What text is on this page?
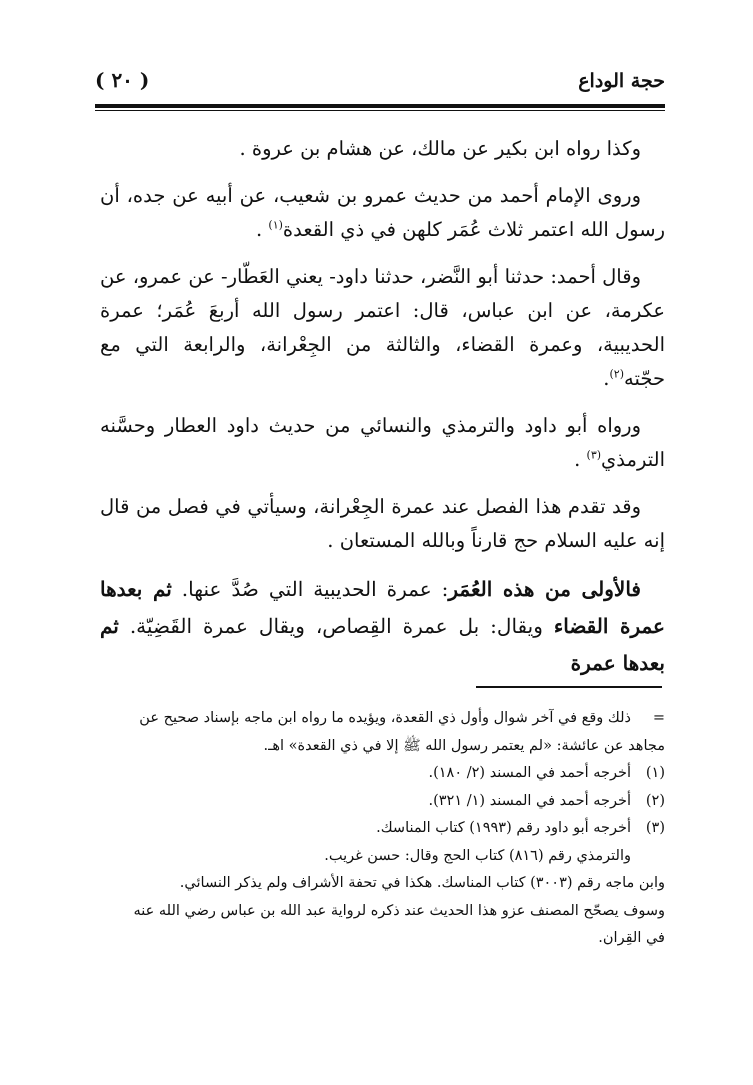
حجة الوداع
( ٢٠ )

وكذا رواه ابن بكير عن مالك، عن هشام بن عروة .

وروى الإمام أحمد من حديث عمرو بن شعيب، عن أبيه عن جده، أن رسول الله اعتمر ثلاث عُمَر كلهن في ذي القعدة$^{(١)}$ .

وقال أحمد: حدثنا أبو النَّضر، حدثنا داود- يعني العَطّار- عن عمرو، عن عكرمة، عن ابن عباس، قال: اعتمر رسول الله أربعَ عُمَر؛ عمرة الحديبية، وعمرة القضاء، والثالثة من الجِعْرانة، والرابعة التي مع حجّته$^{(٢)}$.

ورواه أبو داود والترمذي والنسائي من حديث داود العطار وحسَّنه الترمذي$^{(٣)}$ .

وقد تقدم هذا الفصل عند عمرة الجِعْرانة، وسيأتي في فصل من قال إنه عليه السلام حج قارناً وبالله المستعان .

فالأولى من هذه العُمَر: عمرة الحديبية التي صُدَّ عنها. ثم بعدها عمرة القضاء ويقال: بل عمرة القِصاص، ويقال عمرة القَضِيّة. ثم بعدها عمرة

=
ذلك وقع في آخر شوال وأول ذي القعدة، ويؤيده ما رواه ابن ماجه بإسناد صحيح عن
مجاهد عن عائشة: «لم يعتمر رسول الله ﷺ إلا في ذي القعدة» اهـ.
(١)
أخرجه أحمد في المسند (٢/ ١٨٠).
(٢)
أخرجه أحمد في المسند (١/ ٣٢١).
(٣)
أخرجه أبو داود رقم (١٩٩٣) كتاب المناسك.
والترمذي رقم (٨١٦) كتاب الحج وقال: حسن غريب.
وابن ماجه رقم (٣٠٠٣) كتاب المناسك. هكذا في تحفة الأشراف ولم يذكر النسائي.
وسوف يصحّح المصنف عزو هذا الحديث عند ذكره لرواية عبد الله بن عباس رضي الله عنه
في القِران.
